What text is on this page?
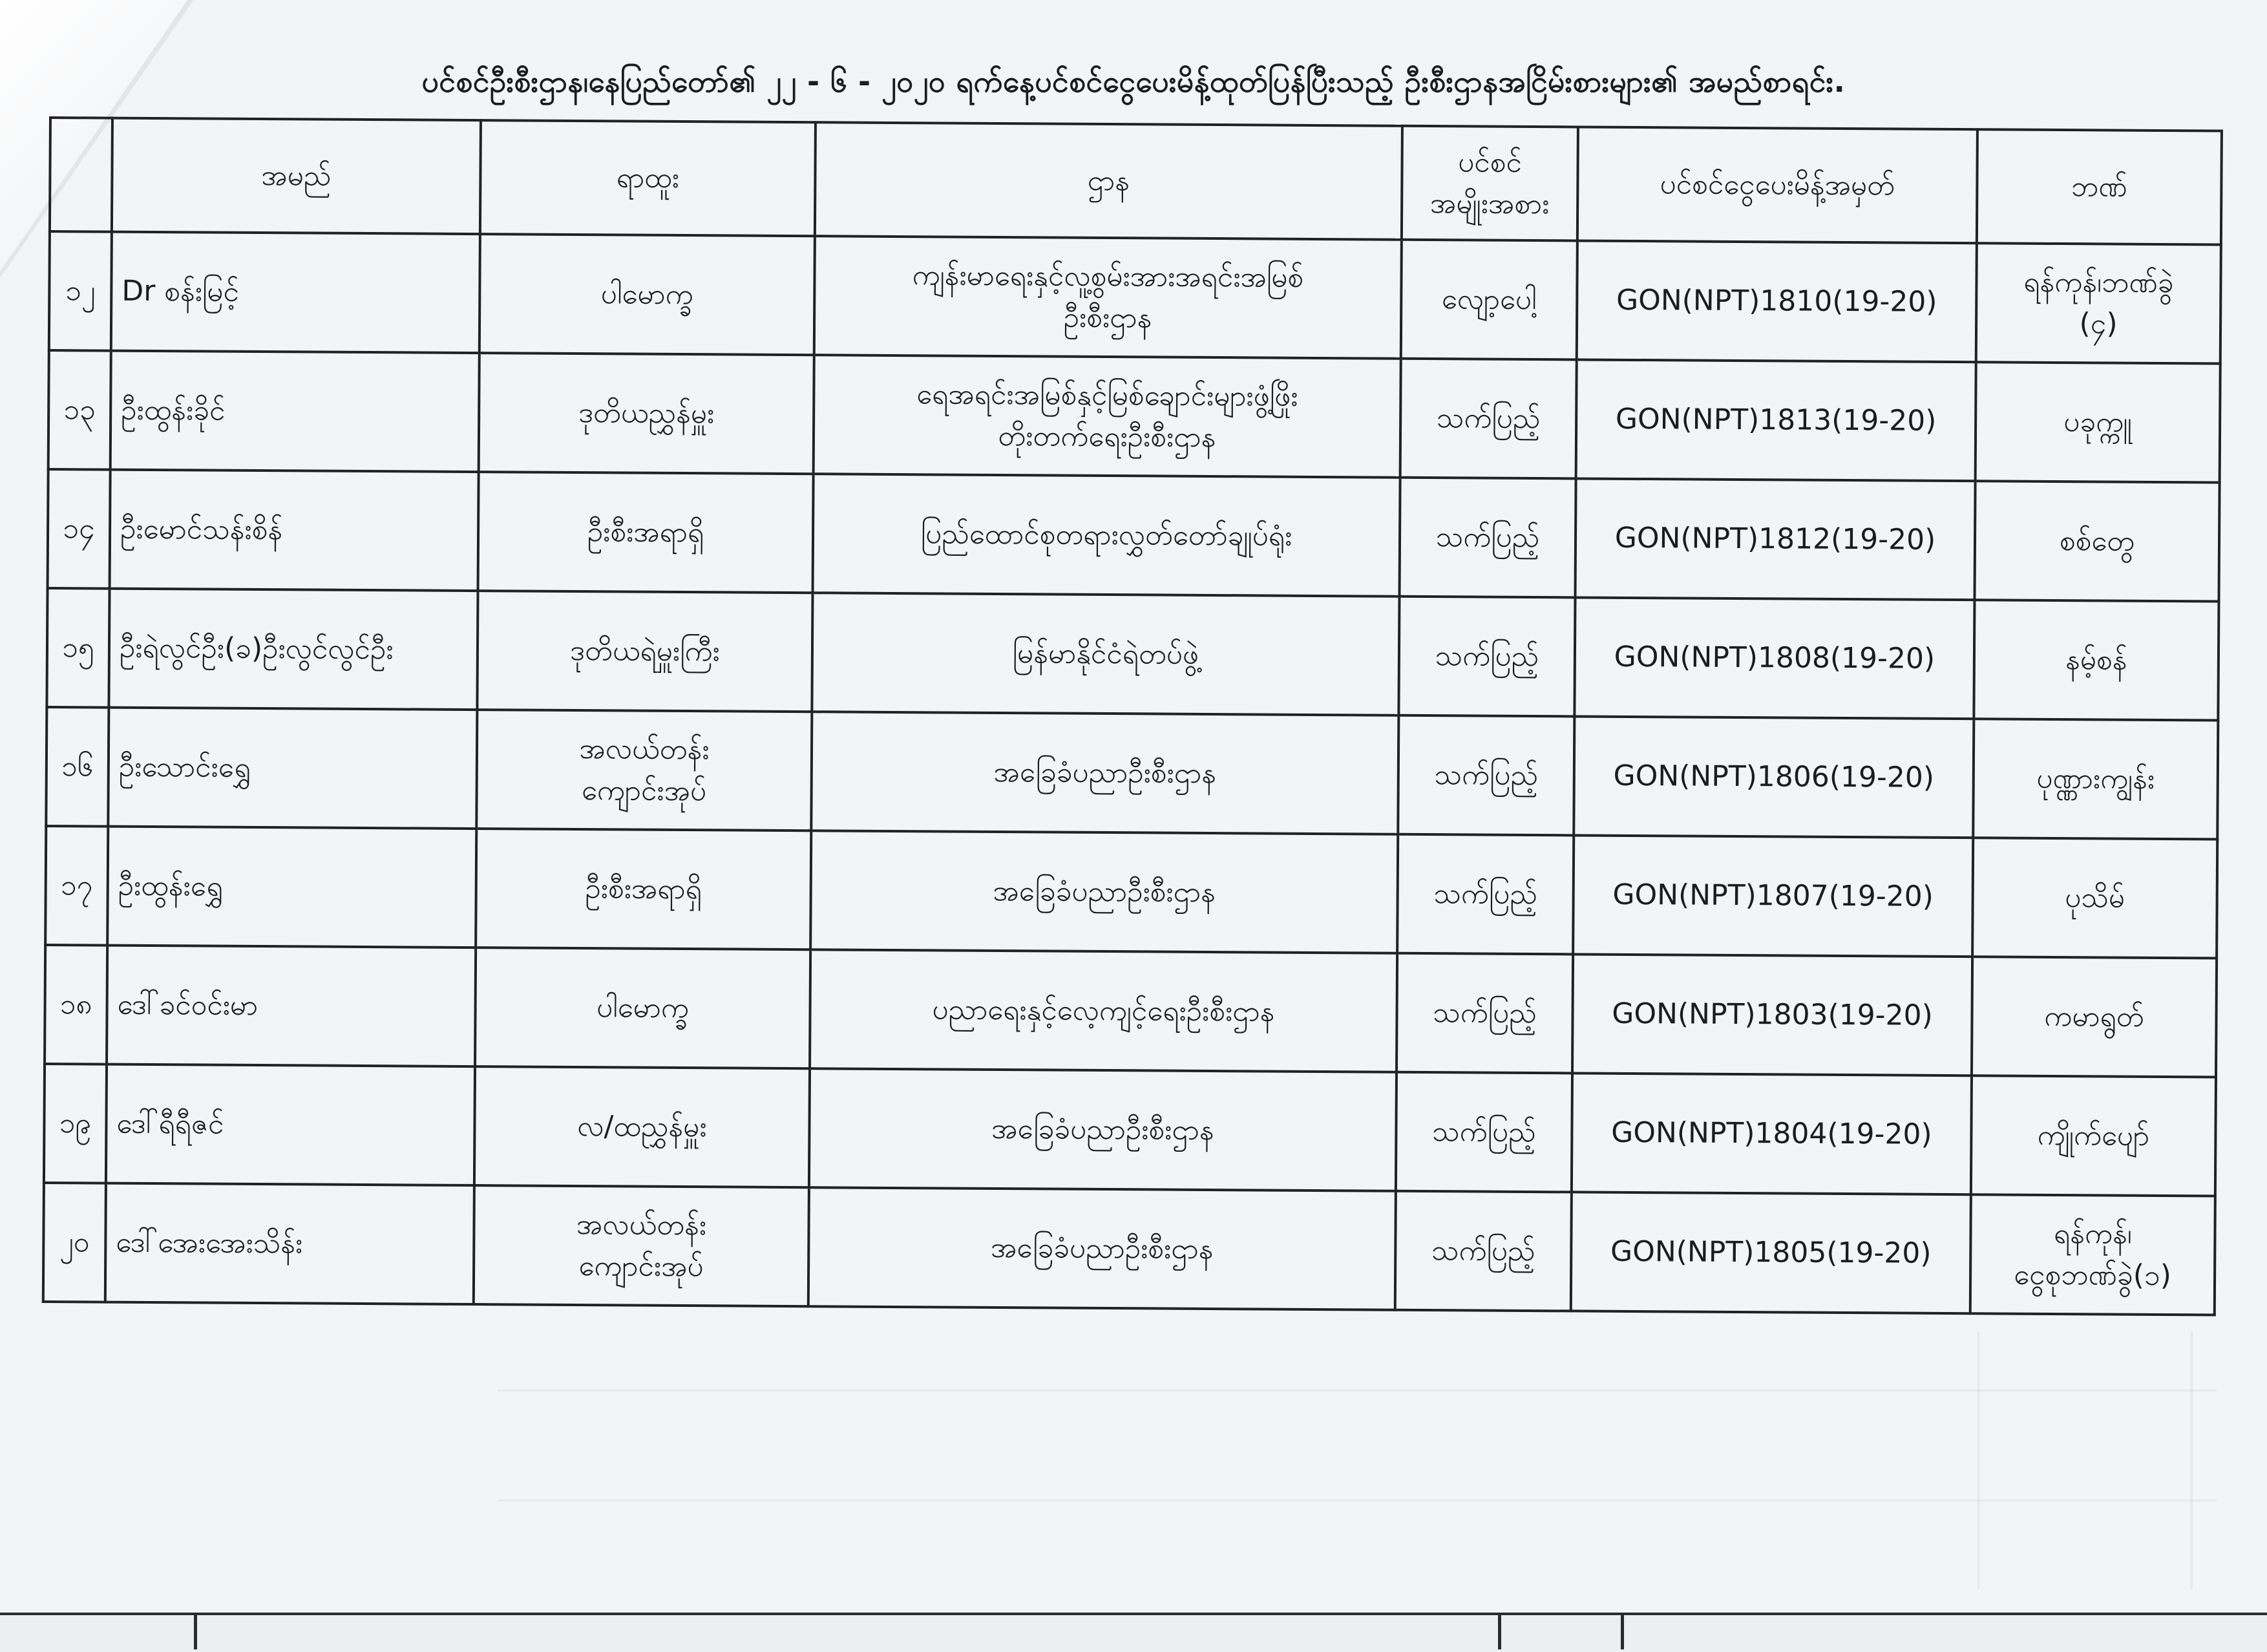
ပင်စင်ဦးစီးဌာန၊နေပြည်တော်၏ ၂၂ - ၆ - ၂၀၂၀ ရက်နေ့ပင်စင်ငွေပေးမိန့်ထုတ်ပြန်ပြီးသည့် ဦးစီးဌာနအငြိမ်းစားများ၏ အမည်စာရင်း.
	အမည်	ရာထူး	ဌာန	ပင်စင်
အမျိုးအစား	ပင်စင်ငွေပေးမိန့်အမှတ်	ဘဏ်
၁၂	Dr စန်းမြင့်	ပါမောက္ခ	ကျန်းမာရေးနှင့်လူ့စွမ်းအားအရင်းအမြစ်
ဦးစီးဌာန	လျော့ပေါ့	GON(NPT)1810(19-20)	ရန်ကုန်၊ဘဏ်ခွဲ
(၄)
၁၃	ဦးထွန်းခိုင်	ဒုတိယညွှန်မှူး	ရေအရင်းအမြစ်နှင့်မြစ်ချောင်းများဖွံ့ဖြိုး
တိုးတက်ရေးဦးစီးဌာန	သက်ပြည့်	GON(NPT)1813(19-20)	ပခုက္ကူ
၁၄	ဦးမောင်သန်းစိန်	ဦးစီးအရာရှိ	ပြည်ထောင်စုတရားလွှတ်တော်ချုပ်ရုံး	သက်ပြည့်	GON(NPT)1812(19-20)	စစ်တွေ
၁၅	ဦးရဲလွင်ဦး(ခ)ဦးလွင်လွင်ဦး	ဒုတိယရဲမှူးကြီး	မြန်မာနိုင်ငံရဲတပ်ဖွဲ့	သက်ပြည့်	GON(NPT)1808(19-20)	နမ့်စန်
၁၆	ဦးသောင်းရွှေ	အလယ်တန်း
ကျောင်းအုပ်	အခြေခံပညာဦးစီးဌာန	သက်ပြည့်	GON(NPT)1806(19-20)	ပုဏ္ဏားကျွန်း
၁၇	ဦးထွန်းရွှေ	ဦးစီးအရာရှိ	အခြေခံပညာဦးစီးဌာန	သက်ပြည့်	GON(NPT)1807(19-20)	ပုသိမ်
၁၈	ဒေါ်ခင်ဝင်းမာ	ပါမောက္ခ	ပညာရေးနှင့်လေ့ကျင့်ရေးဦးစီးဌာန	သက်ပြည့်	GON(NPT)1803(19-20)	ကမာရွတ်
၁၉	ဒေါ်ရီရီဇင်	လ/ထညွှန်မှူး	အခြေခံပညာဦးစီးဌာန	သက်ပြည့်	GON(NPT)1804(19-20)	ကျိုက်ပျော်
၂၀	ဒေါ်အေးအေးသိန်း	အလယ်တန်း
ကျောင်းအုပ်	အခြေခံပညာဦးစီးဌာန	သက်ပြည့်	GON(NPT)1805(19-20)	ရန်ကုန်၊
ငွေစုဘဏ်ခွဲ(၁)
